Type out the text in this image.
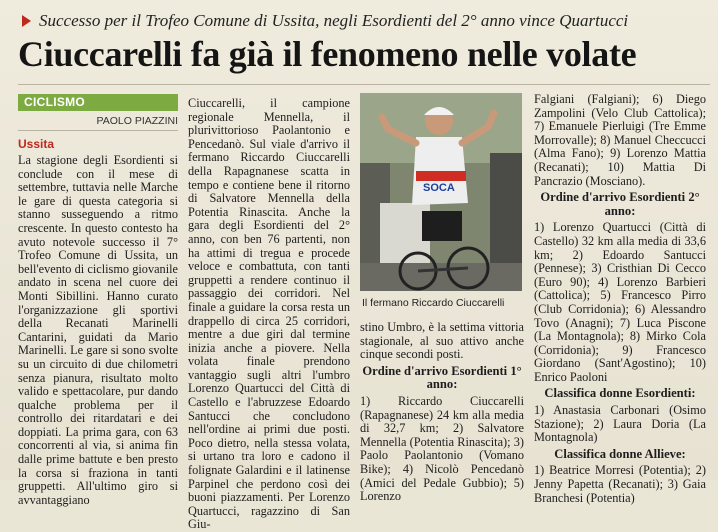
Successo per il Trofeo Comune di Ussita, negli Esordienti del 2° anno vince Quartucci
Ciuccarelli fa già il fenomeno nelle volate
CICLISMO
PAOLO PIAZZINI
Ussita

La stagione degli Esordienti si conclude con il mese di settembre, tuttavia nelle Marche le gare di questa categoria si stanno susseguendo a ritmo crescente. In questo contesto ha avuto notevole successo il 7° Trofeo Comune di Ussita, un bell'evento di ciclismo giovanile andato in scena nel cuore dei Monti Sibillini. Hanno curato l'organizzazione gli sportivi della Recanati Marinelli Cantarini, guidati da Mario Marinelli. Le gare si sono svolte su un circuito di due chilometri senza pianura, risultato molto valido e spettacolare, pur dando qualche problema per il controllo dei ritardatari e dei doppiati. La prima gara, con 63 concorrenti al via, si anima fin dalle prime battute e ben presto la corsa si frazionа in tanti gruppetti. All'ultimo giro si avvantaggiano

Ciuccarelli, il campione regionale Mennella, il plurivittorioso Paolantonio e Pencedanò. Sul viale d'arrivo il fermano Riccardo Ciuccarelli della Rapagnanese scatta in tempo e contiene bene il ritorno di Salvatore Mennella della Potentia Rinascita. Anche la gara degli Esordienti del 2° anno, con ben 76 partenti, non ha attimi di tregua e procede veloce e combattuta, con tanti gruppetti a rendere continuo il passaggio dei corridori. Nel finale a guidare la corsa resta un drappello di circa 25 corridori, mentre a due giri dal termine inizia anche a piovere. Nella volata finale prendono vantaggio sugli altri l'umbro Lorenzo Quartucci del Città di Castello e l'abruzzese Edoardo Santucci che concludono nell'ordine ai primi due posti. Poco dietro, nella stessa volata, si urtano tra loro e cadono il folignate Galardini e il latinense Parpinel che perdono così dei buoni piazzamenti. Per Lorenzo Quartucci, ragazzino di San Giu-

SOCA
Il fermano Riccardo Ciuccarelli

stino Umbro, è la settima vittoria stagionale, al suo attivo anche cinque secondi posti.

Ordine d'arrivo Esordienti 1° anno:

1) Riccardo Ciuccarelli (Rapagnanese) 24 km alla media di 32,7 km; 2) Salvatore Mennella (Potentia Rinascita); 3) Paolo Paolantonio (Vomano Bike); 4) Nicolò Pencedanò (Amici del Pedale Gubbio); 5) Lorenzo

Falgiani (Falgiani); 6) Diego Zampolini (Velo Club Cattolica); 7) Emanuele Pierluigi (Tre Emme Morrovalle); 8) Manuel Checcucci (Alma Fano); 9) Lorenzo Mattia (Recanati); 10) Mattia Di Pancrazio (Mosciano).

Ordine d'arrivo Esordienti 2° anno:

1) Lorenzo Quartucci (Città di Castello) 32 km alla media di 33,6 km; 2) Edoardo Santucci (Pennese); 3) Cristhian Di Cecco (Euro 90); 4) Lorenzo Barbieri (Cattolica); 5) Francesco Pirro (Club Corridonia); 6) Alessandro Tovo (Anagni); 7) Luca Piscone (La Montagnola); 8) Mirko Cola (Corridonia); 9) Francesco Giordano (Sant'Agostino); 10) Enrico Paoloni

Classifica donne Esordienti:

1) Anastasia Carbonari (Osimo Stazione); 2) Laura Doria (La Montagnola)

Classifica donne Allieve:

1) Beatrice Morresi (Potentia); 2) Jenny Papetta (Recanati); 3) Gaia Branchesi (Potentia)
